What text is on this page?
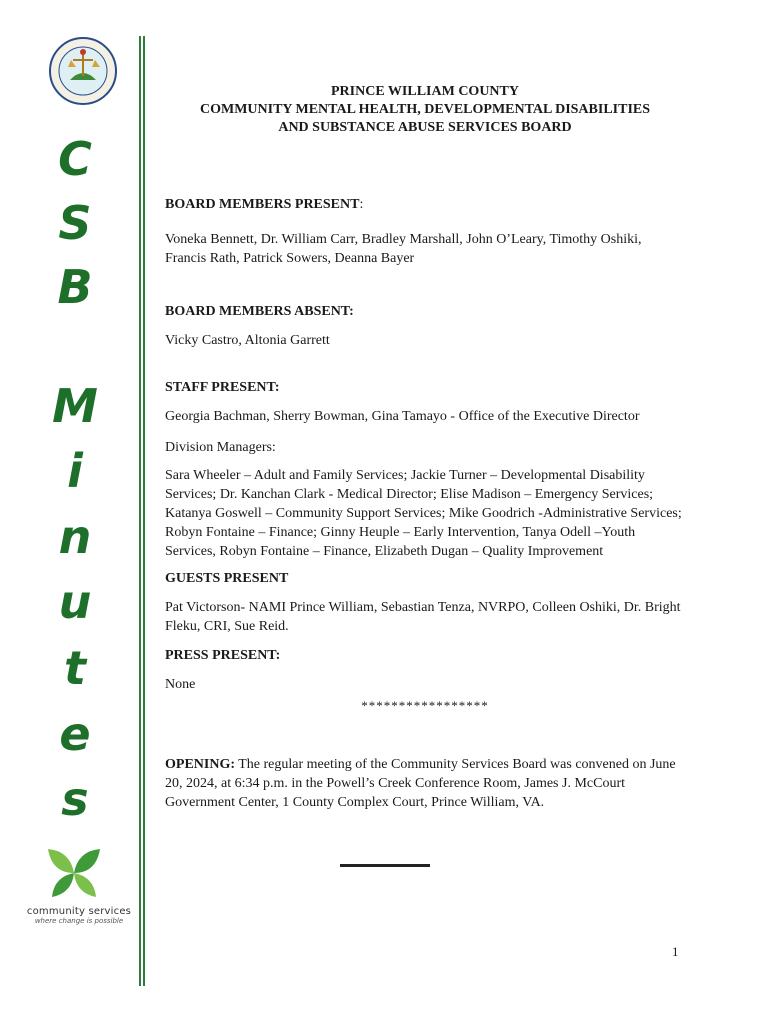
C
S
B
M
i
n
u
t
e
s
community services
where change is possible
PRINCE WILLIAM COUNTY
COMMUNITY MENTAL HEALTH, DEVELOPMENTAL DISABILITIES
AND SUBSTANCE ABUSE SERVICES BOARD

BOARD MEMBERS PRESENT:

Voneka Bennett, Dr. William Carr, Bradley Marshall, John O’Leary, Timothy Oshiki, Francis Rath, Patrick Sowers, Deanna Bayer

BOARD MEMBERS ABSENT:

Vicky Castro, Altonia Garrett

STAFF PRESENT:

Georgia Bachman, Sherry Bowman, Gina Tamayo - Office of the Executive Director

Division Managers:

Sara Wheeler – Adult and Family Services; Jackie Turner – Developmental Disability Services; Dr. Kanchan Clark - Medical Director; Elise Madison – Emergency Services; Katanya Goswell – Community Support Services; Mike Goodrich -Administrative Services; Robyn Fontaine – Finance; Ginny Heuple – Early Intervention, Tanya Odell –Youth Services, Robyn Fontaine – Finance, Elizabeth Dugan – Quality Improvement

GUESTS PRESENT

Pat Victorson- NAMI Prince William, Sebastian Tenza, NVRPO, Colleen Oshiki, Dr. Bright Fleku, CRI, Sue Reid.

PRESS PRESENT:

None

*****************

OPENING: The regular meeting of the Community Services Board was convened on June 20, 2024, at 6:34 p.m. in the Powell’s Creek Conference Room, James J. McCourt Government Center, 1 County Complex Court, Prince William, VA.

1
